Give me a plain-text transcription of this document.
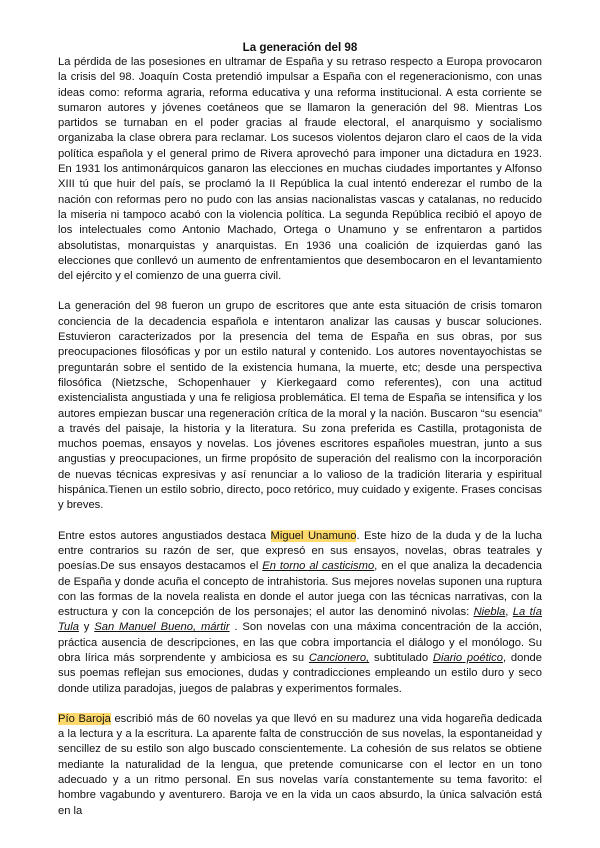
La generación del 98

La pérdida de las posesiones en ultramar de España y su retraso respecto a Europa provocaron la crisis del 98. Joaquín Costa pretendió impulsar a España con el regeneracionismo, con unas ideas como: reforma agraria, reforma educativa y una reforma institucional. A esta corriente se sumaron autores y jóvenes coetáneos que se llamaron la generación del 98. Mientras Los partidos se turnaban en el poder gracias al fraude electoral, el anarquismo y socialismo organizaba la clase obrera para reclamar. Los sucesos violentos dejaron claro el caos de la vida política española y el general primo de Rivera aprovechó para imponer una dictadura en 1923. En 1931 los antimonárquicos ganaron las elecciones en muchas ciudades importantes y Alfonso XIII tú que huir del país, se proclamó la II República la cual intentó enderezar el rumbo de la nación con reformas pero no pudo con las ansias nacionalistas vascas y catalanas, no reducido la miseria ni tampoco acabó con la violencia política. La segunda República recibió el apoyo de los intelectuales como Antonio Machado, Ortega o Unamuno y se enfrentaron a partidos absolutistas, monarquistas y anarquistas. En 1936 una coalición de izquierdas ganó las elecciones que conllevó un aumento de enfrentamientos que desembocaron en el levantamiento del ejército y el comienzo de una guerra civil.

La generación del 98 fueron un grupo de escritores que ante esta situación de crisis tomaron conciencia de la decadencia española e intentaron analizar las causas y buscar soluciones. Estuvieron caracterizados por la presencia del tema de España en sus obras, por sus preocupaciones filosóficas y por un estilo natural y contenido. Los autores noventayochistas se preguntarán sobre el sentido de la existencia humana, la muerte, etc; desde una perspectiva filosófica (Nietzsche, Schopenhauer y Kierkegaard como referentes), con una actitud existencialista angustiada y una fe religiosa problemática. El tema de España se intensifica y los autores empiezan buscar una regeneración crítica de la moral y la nación. Buscaron “su esencia” a través del paisaje, la historia y la literatura. Su zona preferida es Castilla, protagonista de muchos poemas, ensayos y novelas. Los jóvenes escritores españoles muestran, junto a sus angustias y preocupaciones, un firme propósito de superación del realismo con la incorporación de nuevas técnicas expresivas y así renunciar a lo valioso de la tradición literaria y espiritual hispánica.Tienen un estilo sobrio, directo, poco retórico, muy cuidado y exigente. Frases concisas y breves.

Entre estos autores angustiados destaca Miguel Unamuno. Este hizo de la duda y de la lucha entre contrarios su razón de ser, que expresó en sus ensayos, novelas, obras teatrales y poesías.De sus ensayos destacamos el En torno al casticismo, en el que analiza la decadencia de España y donde acuña el concepto de intrahistoria. Sus mejores novelas suponen una ruptura con las formas de la novela realista en donde el autor juega con las técnicas narrativas, con la estructura y con la concepción de los personajes; el autor las denominó nivolas: Niebla, La tía Tula y San Manuel Bueno, mártir . Son novelas con una máxima concentración de la acción, práctica ausencia de descripciones, en las que cobra importancia el diálogo y el monólogo. Su obra lírica más sorprendente y ambiciosa es su Cancionero, subtitulado Diario poético, donde sus poemas reflejan sus emociones, dudas y contradicciones empleando un estilo duro y seco donde utiliza paradojas, juegos de palabras y experimentos formales.

Pío Baroja escribió más de 60 novelas ya que llevó en su madurez una vida hogareña dedicada a la lectura y a la escritura. La aparente falta de construcción de sus novelas, la espontaneidad y sencillez de su estilo son algo buscado conscientemente. La cohesión de sus relatos se obtiene mediante la naturalidad de la lengua, que pretende comunicarse con el lector en un tono adecuado y a un ritmo personal. En sus novelas varía constantemente su tema favorito: el hombre vagabundo y aventurero. Baroja ve en la vida un caos absurdo, la única salvación está en la
